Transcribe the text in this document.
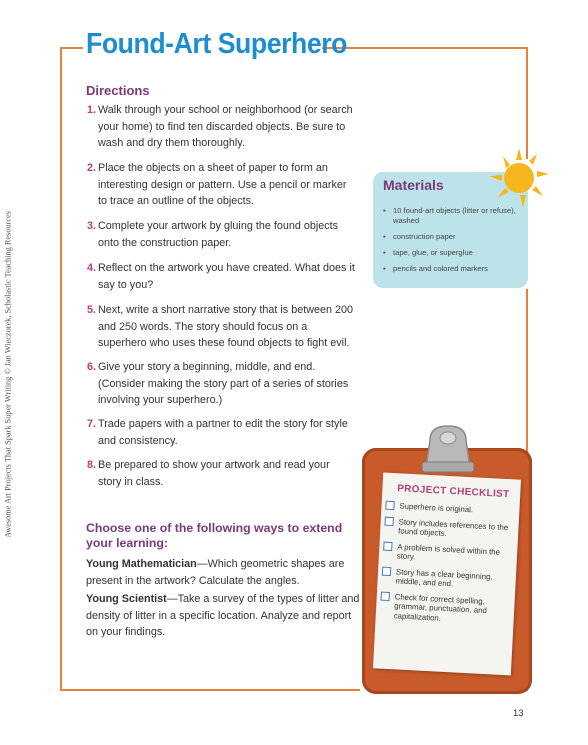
Found-Art Superhero
Awesome Art Projects That Spark Super Writing © Jan Wieczorek, Scholastic Teaching Resources
Directions
1. Walk through your school or neighborhood (or search your home) to find ten discarded objects. Be sure to wash and dry them thoroughly.
2. Place the objects on a sheet of paper to form an interesting design or pattern. Use a pencil or marker to trace an outline of the objects.
3. Complete your artwork by gluing the found objects onto the construction paper.
4. Reflect on the artwork you have created. What does it say to you?
5. Next, write a short narrative story that is between 200 and 250 words. The story should focus on a superhero who uses these found objects to fight evil.
6. Give your story a beginning, middle, and end. (Consider making the story part of a series of stories involving your superhero.)
7. Trade papers with a partner to edit the story for style and consistency.
8. Be prepared to show your artwork and read your story in class.
Choose one of the following ways to extend your learning:
Young Mathematician—Which geometric shapes are present in the artwork? Calculate the angles.
Young Scientist—Take a survey of the types of litter and density of litter in a specific location. Analyze and report on your findings.
Materials
• 10 found-art objects (litter or refuse), washed
• construction paper
• tape, glue, or superglue
• pencils and colored markers
PROJECT CHECKLIST
Superhero is original.
Story includes references to the found objects.
A problem is solved within the story.
Story has a clear beginning, middle, and end.
Check for correct spelling, grammar, punctuation, and capitalization.
13
